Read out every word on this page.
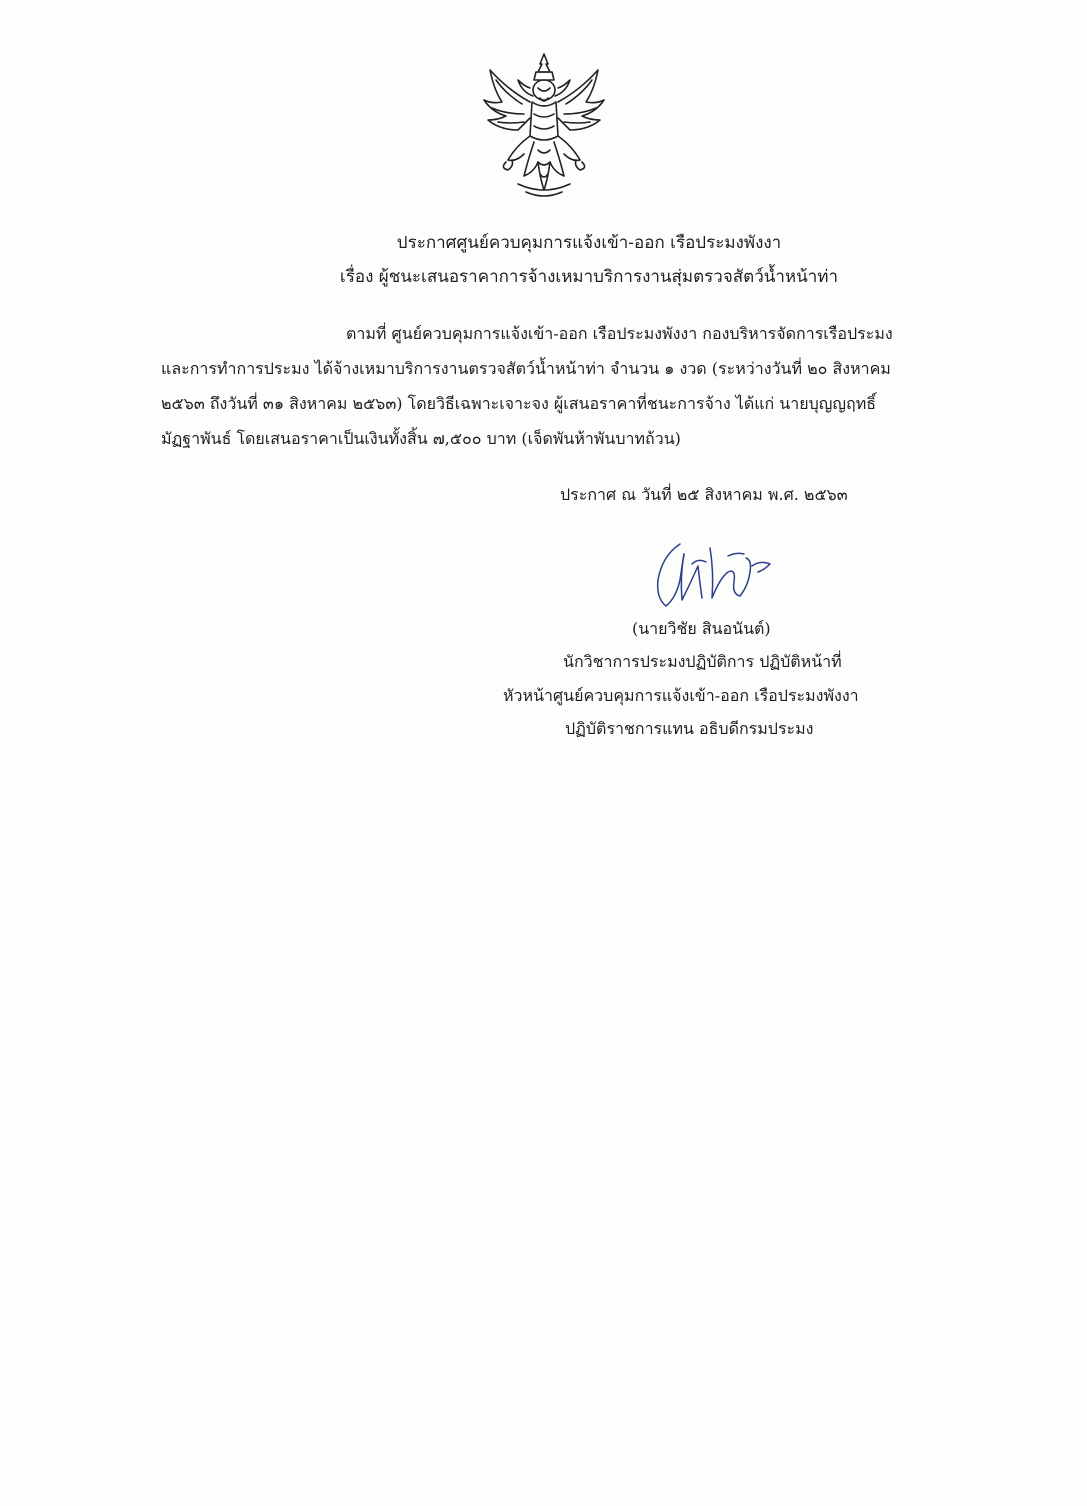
ประกาศศูนย์ควบคุมการแจ้งเข้า-ออก เรือประมงพังงา
เรื่อง ผู้ชนะเสนอราคาการจ้างเหมาบริการงานสุ่มตรวจสัตว์น้ำหน้าท่า
ตามที่ ศูนย์ควบคุมการแจ้งเข้า-ออก เรือประมงพังงา กองบริหารจัดการเรือประมง
และการทำการประมง ได้จ้างเหมาบริการงานตรวจสัตว์น้ำหน้าท่า จำนวน ๑ งวด (ระหว่างวันที่ ๒๐ สิงหาคม
๒๕๖๓ ถึงวันที่ ๓๑ สิงหาคม ๒๕๖๓) โดยวิธีเฉพาะเจาะจง ผู้เสนอราคาที่ชนะการจ้าง ได้แก่ นายบุญญฤทธิ์
มัฏฐาพันธ์ โดยเสนอราคาเป็นเงินทั้งสิ้น ๗,๕๐๐ บาท (เจ็ดพันห้าพันบาทถ้วน)
ประกาศ ณ วันที่ ๒๕ สิงหาคม พ.ศ. ๒๕๖๓
(นายวิชัย สินอนันต์)
นักวิชาการประมงปฏิบัติการ ปฏิบัติหน้าที่
หัวหน้าศูนย์ควบคุมการแจ้งเข้า-ออก เรือประมงพังงา
ปฏิบัติราชการแทน อธิบดีกรมประมง
